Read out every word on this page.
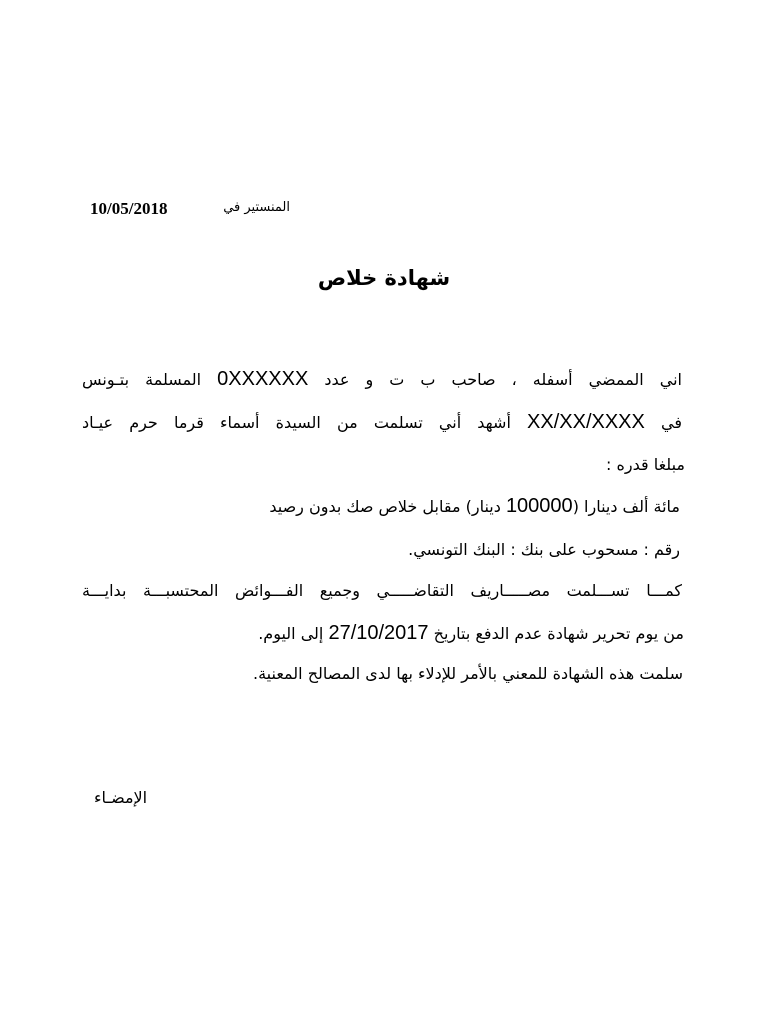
المنستير في
10/05/2018
شهادة خلاص
اني الممضي أسفله ، صاحب ب ت و عدد 0XXXXXX المسلمة بتـونس
في XX/XX/XXXX أشهد أني تسلمت من السيدة أسماء قرما حرم عيـاد
مبلغا قدره :
مائة ألف دينارا (100000 دينار) مقابل خلاص صك بدون رصيد
رقم : مسحوب على بنك : البنك التونسي.
كمـــا تســـلمت مصـــــاريف التقاضـــــي وجميع الفـــوائض المحتسبـــة بدايـــة
من يوم تحرير شهادة عدم الدفع بتاريخ 27/10/2017 إلى اليوم.
سلمت هذه الشهادة للمعني بالأمر للإدلاء بها لدى المصالح المعنية.
الإمضـاء
